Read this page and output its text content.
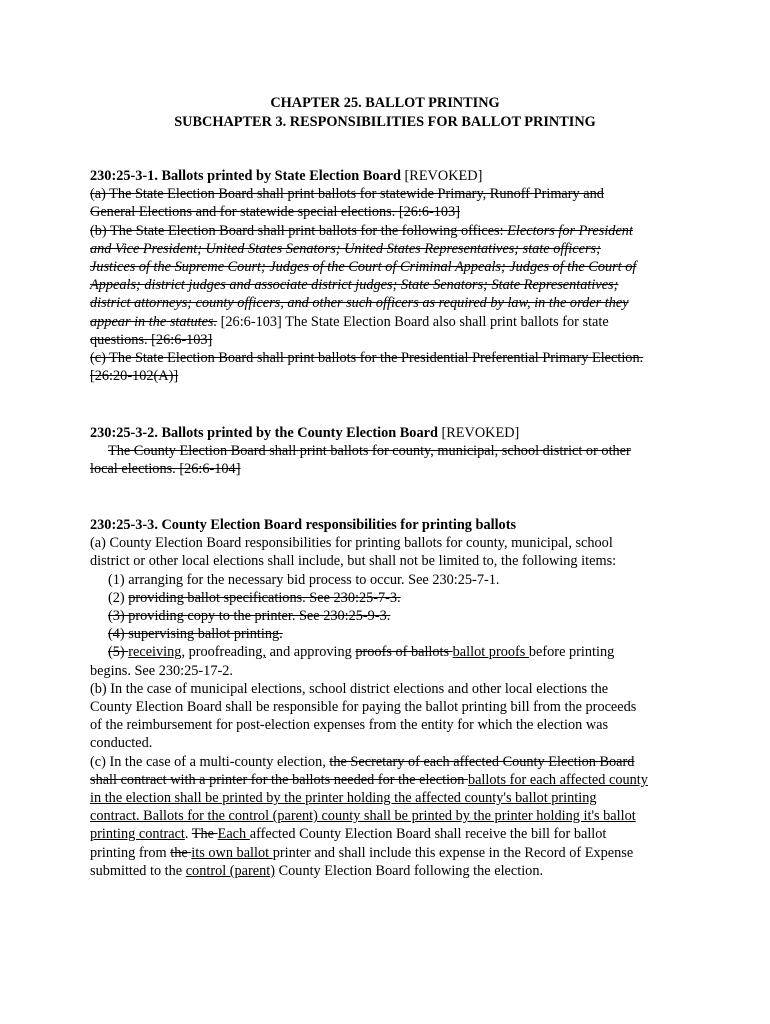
CHAPTER 25. BALLOT PRINTING
SUBCHAPTER 3. RESPONSIBILITIES FOR BALLOT PRINTING
230:25-3-1. Ballots printed by State Election Board [REVOKED]
(a) The State Election Board shall print ballots for statewide Primary, Runoff Primary and
General Elections and for statewide special elections. [26:6-103]
(b) The State Election Board shall print ballots for the following offices: Electors for President
and Vice President; United States Senators; United States Representatives; state officers;
Justices of the Supreme Court; Judges of the Court of Criminal Appeals; Judges of the Court of
Appeals; district judges and associate district judges; State Senators; State Representatives;
district attorneys; county officers, and other such officers as required by law, in the order they
appear in the statutes. [26:6-103] The State Election Board also shall print ballots for state
questions. [26:6-103]
(c) The State Election Board shall print ballots for the Presidential Preferential Primary Election.
[26:20-102(A)]
230:25-3-2. Ballots printed by the County Election Board [REVOKED]
The County Election Board shall print ballots for county, municipal, school district or other
local elections. [26:6-104]
230:25-3-3. County Election Board responsibilities for printing ballots
(a) County Election Board responsibilities for printing ballots for county, municipal, school
district or other local elections shall include, but shall not be limited to, the following items:
(1) arranging for the necessary bid process to occur. See 230:25-7-1.
(2) providing ballot specifications. See 230:25-7-3.
(3) providing copy to the printer. See 230:25-9-3.
(4) supervising ballot printing.
(5) receiving, proofreading, and approving proofs of ballots ballot proofs before printing
begins. See 230:25-17-2.
(b) In the case of municipal elections, school district elections and other local elections the
County Election Board shall be responsible for paying the ballot printing bill from the proceeds
of the reimbursement for post-election expenses from the entity for which the election was
conducted.
(c) In the case of a multi-county election, the Secretary of each affected County Election Board
shall contract with a printer for the ballots needed for the election ballots for each affected county
in the election shall be printed by the printer holding the affected county's ballot printing
contract. Ballots for the control (parent) county shall be printed by the printer holding it's ballot
printing contract. The Each affected County Election Board shall receive the bill for ballot
printing from the its own ballot printer and shall include this expense in the Record of Expense
submitted to the control (parent) County Election Board following the election.
